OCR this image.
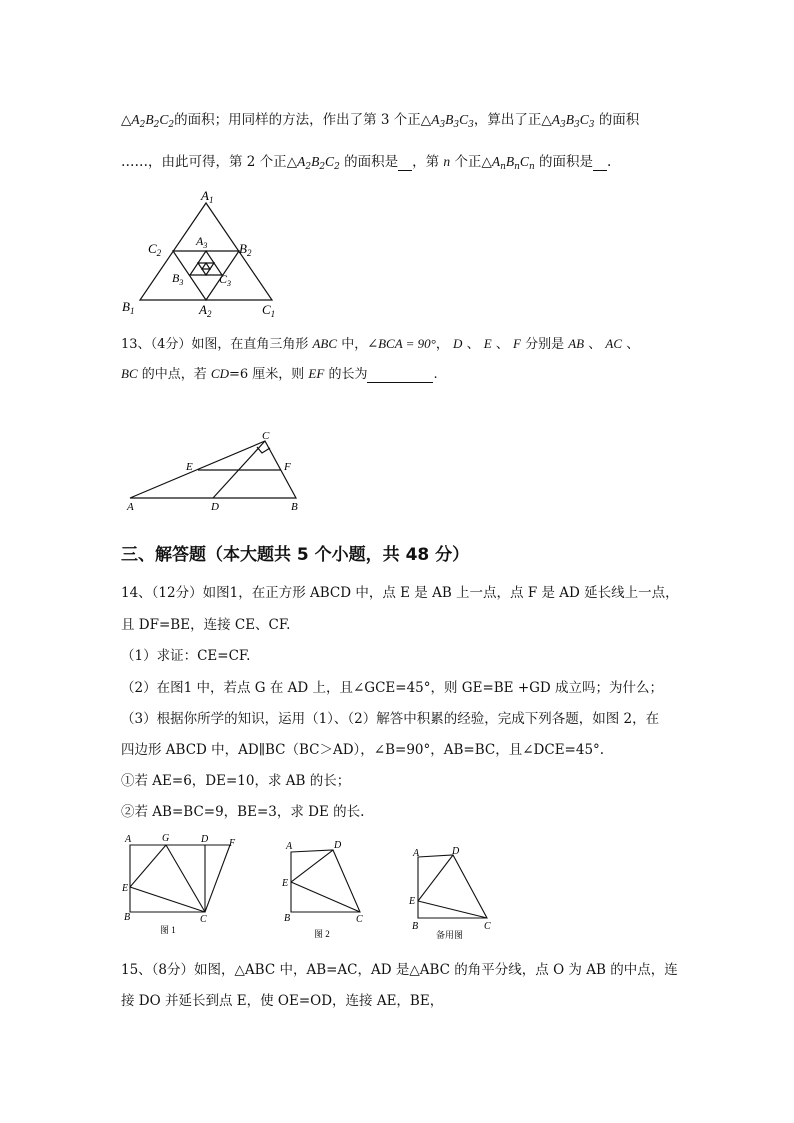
$\triangle A_2B_2C_2$的面积；用同样的方法，作出了第 3 个正$\triangle A_3B_3C_3$，算出了正$\triangle A_3B_3C_3$ 的面积
……，由此可得，第 2 个正$\triangle A_2B_2C_2$ 的面积是 ，第 n 个正$\triangle A_nB_nC_n$ 的面积是 .
$A_1$
$C_2$	$B_2$
$A_3$
$B_3$	$C_3$
$B_1$	$A_2$	$C_1$
13、（4分）如图，在直角三角形 ABC 中，∠BCA = 90°， D 、 E 、 F 分别是 AB 、 AC 、
BC 的中点，若 CD=6 厘米，则 EF 的长为	.
C
E	F
A	D	B
三、解答题（本大题共 5 个小题，共 48 分）
14、（12分）如图1，在正方形 ABCD 中，点 E 是 AB 上一点，点 F 是 AD 延长线上一点，
且 DF=BE，连接 CE、CF.
（1）求证：CE=CF.
（2）在图1 中，若点 G 在 AD 上，且∠GCE=45°，则 GE=BE +GD 成立吗；为什么；
（3）根据你所学的知识，运用（1）、（2）解答中积累的经验，完成下列各题，如图 2，在
四边形 ABCD 中，AD∥BC（BC＞AD），∠B=90°，AB=BC，且∠DCE=45°.
①若 AE=6，DE=10，求 AB 的长；
②若 AB=BC=9，BE=3，求 DE 的长.
A	G	D F
E
B	C
图 1
A	D
E
B	C
图 2
A	D
E
B	C
备用图
15、（8分）如图，△ABC 中，AB=AC，AD 是△ABC 的角平分线，点 O 为 AB 的中点，连
接 DO 并延长到点 E，使 OE=OD，连接 AE，BE，
